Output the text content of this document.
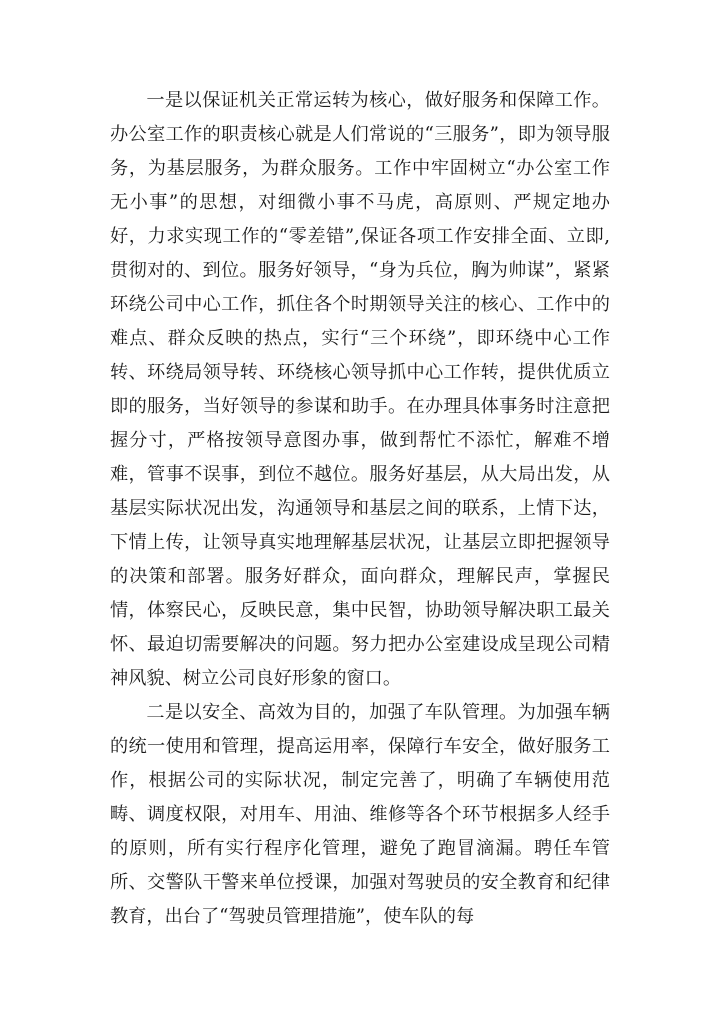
一是以保证机关正常运转为核心，做好服务和保障工作。办公室工作的职责核心就是人们常说的“三服务”，即为领导服务，为基层服务，为群众服务。工作中牢固树立“办公室工作无小事”的思想，对细微小事不马虎，高原则、严规定地办好，力求实现工作的“零差错”,保证各项工作安排全面、立即,贯彻对的、到位。服务好领导，“身为兵位，胸为帅谋”，紧紧环绕公司中心工作，抓住各个时期领导关注的核心、工作中的难点、群众反映的热点，实行“三个环绕”，即环绕中心工作转、环绕局领导转、环绕核心领导抓中心工作转，提供优质立即的服务，当好领导的参谋和助手。在办理具体事务时注意把握分寸，严格按领导意图办事，做到帮忙不添忙，解难不增难，管事不误事，到位不越位。服务好基层，从大局出发，从基层实际状况出发，沟通领导和基层之间的联系，上情下达，下情上传，让领导真实地理解基层状况，让基层立即把握领导的决策和部署。服务好群众，面向群众，理解民声，掌握民情，体察民心，反映民意，集中民智，协助领导解决职工最关怀、最迫切需要解决的问题。努力把办公室建设成呈现公司精神风貌、树立公司良好形象的窗口。

二是以安全、高效为目的，加强了车队管理。为加强车辆的统一使用和管理，提高运用率，保障行车安全，做好服务工作，根据公司的实际状况，制定完善了，明确了车辆使用范畴、调度权限，对用车、用油、维修等各个环节根据多人经手的原则，所有实行程序化管理，避免了跑冒滴漏。聘任车管所、交警队干警来单位授课，加强对驾驶员的安全教育和纪律教育，出台了“驾驶员管理措施”，使车队的每
